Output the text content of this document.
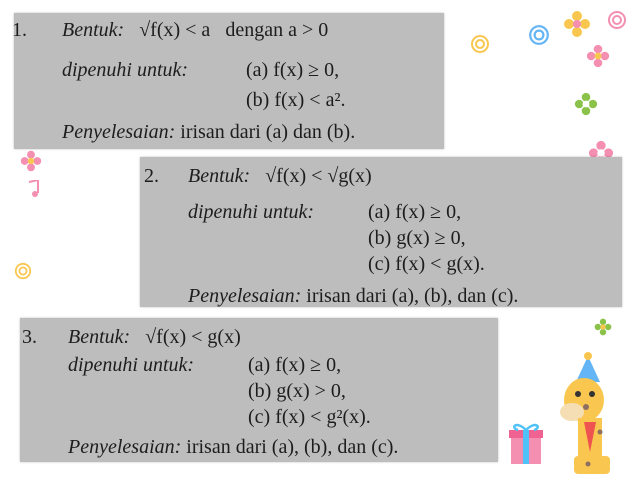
1. Bentuk: √f(x) < a dengan a > 0
dipenuhi untuk:	(a) f(x) ≥ 0,
(b) f(x) < a².
Penyelesaian: irisan dari (a) dan (b).
2. Bentuk: √f(x) < √g(x)
dipenuhi untuk:	(a) f(x) ≥ 0,
(b) g(x) ≥ 0,
(c) f(x) < g(x).
Penyelesaian: irisan dari (a), (b), dan (c).
3. Bentuk: √f(x) < g(x)
dipenuhi untuk:	(a) f(x) ≥ 0,
(b) g(x) > 0,
(c) f(x) < g²(x).
Penyelesaian: irisan dari (a), (b), dan (c).
